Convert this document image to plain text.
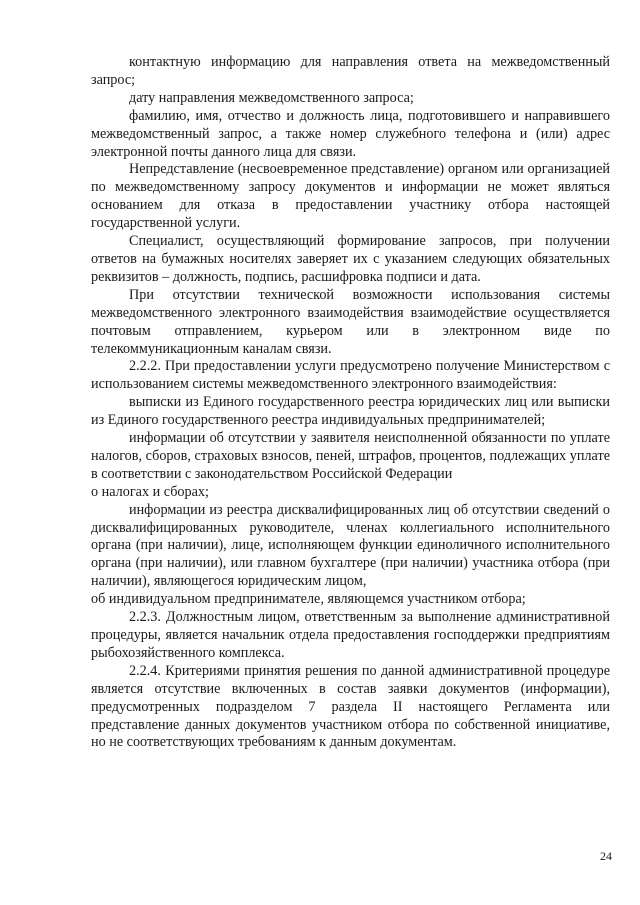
контактную информацию для направления ответа на межведомственный запрос;

дату направления межведомственного запроса;

фамилию, имя, отчество и должность лица, подготовившего и направившего межведомственный запрос, а также номер служебного телефона и (или) адрес электронной почты данного лица для связи.

Непредставление (несвоевременное представление) органом или организацией по межведомственному запросу документов и информации не может являться основанием для отказа в предоставлении участнику отбора настоящей государственной услуги.

Специалист, осуществляющий формирование запросов, при получении ответов на бумажных носителях заверяет их с указанием следующих обязательных реквизитов – должность, подпись, расшифровка подписи и дата.

При отсутствии технической возможности использования системы межведомственного электронного взаимодействия взаимодействие осуществляется почтовым отправлением, курьером или в электронном виде по телекоммуникационным каналам связи.

2.2.2. При предоставлении услуги предусмотрено получение Министерством с использованием системы межведомственного электронного взаимодействия:

выписки из Единого государственного реестра юридических лиц или выписки из Единого государственного реестра индивидуальных предпринимателей;

информации об отсутствии у заявителя неисполненной обязанности по уплате налогов, сборов, страховых взносов, пеней, штрафов, процентов, подлежащих уплате в соответствии с законодательством Российской Федерации

о налогах и сборах;

информации из реестра дисквалифицированных лиц об отсутствии сведений о дисквалифицированных руководителе, членах коллегиального исполнительного органа (при наличии), лице, исполняющем функции единоличного исполнительного органа (при наличии), или главном бухгалтере (при наличии) участника отбора (при наличии), являющегося юридическим лицом,

об индивидуальном предпринимателе, являющемся участником отбора;

2.2.3. Должностным лицом, ответственным за выполнение административной процедуры, является начальник отдела предоставления господдержки предприятиям рыбохозяйственного комплекса.

2.2.4. Критериями принятия решения по данной административной процедуре является отсутствие включенных в состав заявки документов (информации), предусмотренных подразделом 7 раздела II настоящего Регламента или представление данных документов участником отбора по собственной инициативе, но не соответствующих требованиям к данным документам.

24
